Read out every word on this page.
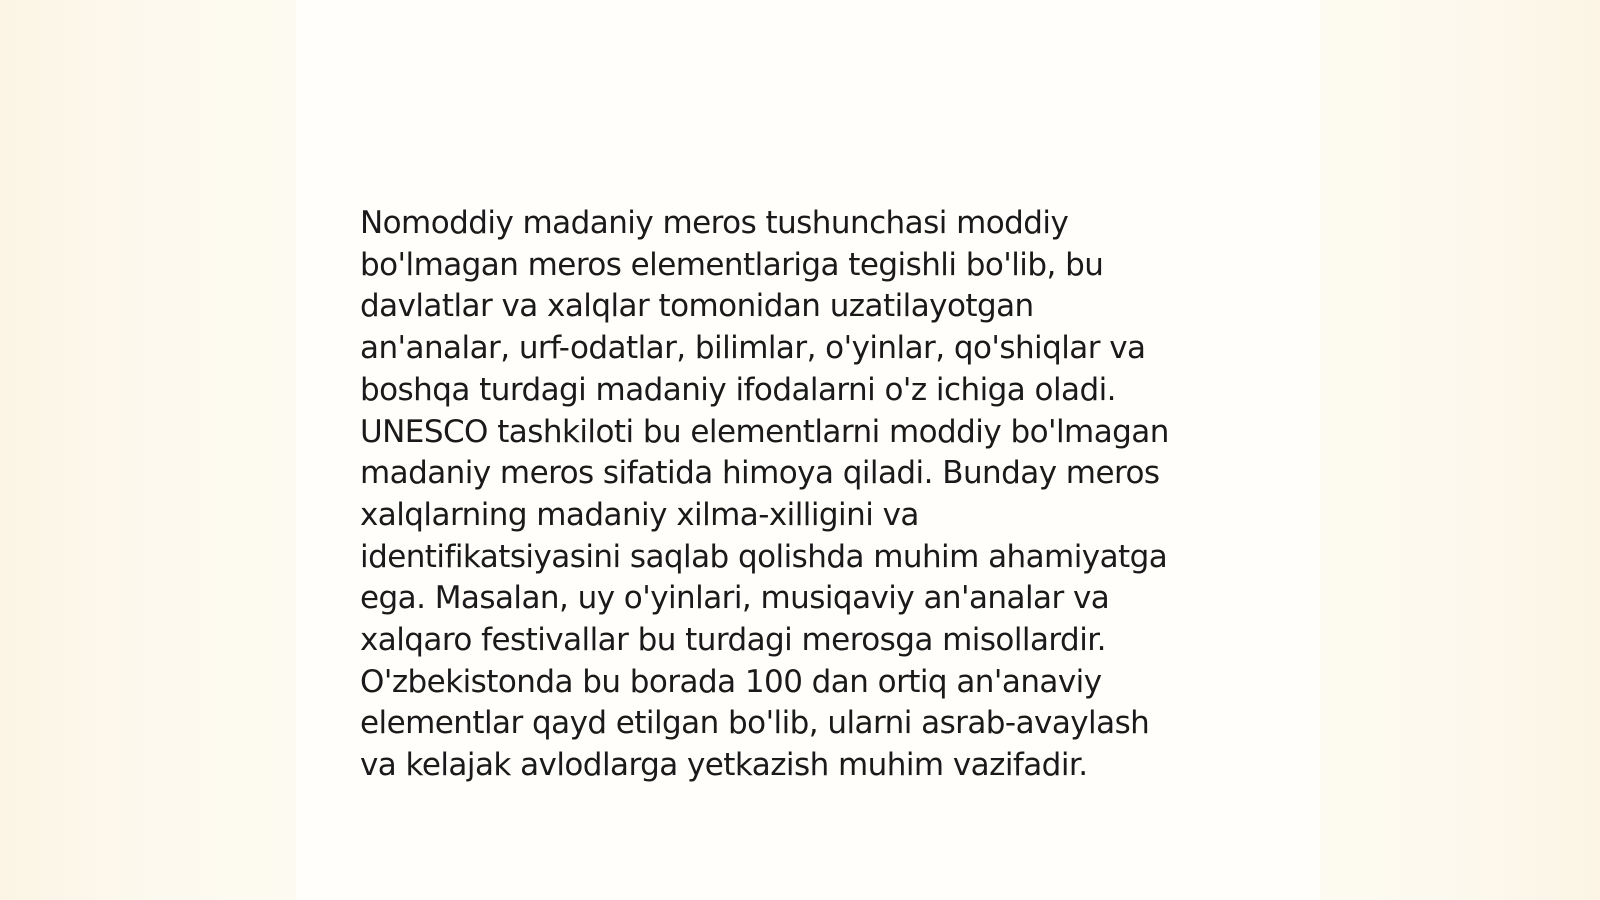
Nomoddiy madaniy meros tushunchasi moddiy
bo'lmagan meros elementlariga tegishli bo'lib, bu
davlatlar va xalqlar tomonidan uzatilayotgan
an'analar, urf-odatlar, bilimlar, o'yinlar, qo'shiqlar va
boshqa turdagi madaniy ifodalarni o'z ichiga oladi.
UNESCO tashkiloti bu elementlarni moddiy bo'lmagan
madaniy meros sifatida himoya qiladi. Bunday meros
xalqlarning madaniy xilma-xilligini va
identifikatsiyasini saqlab qolishda muhim ahamiyatga
ega. Masalan, uy o'yinlari, musiqaviy an'analar va
xalqaro festivallar bu turdagi merosga misollardir.
O'zbekistonda bu borada 100 dan ortiq an'anaviy
elementlar qayd etilgan bo'lib, ularni asrab-avaylash
va kelajak avlodlarga yetkazish muhim vazifadir.
